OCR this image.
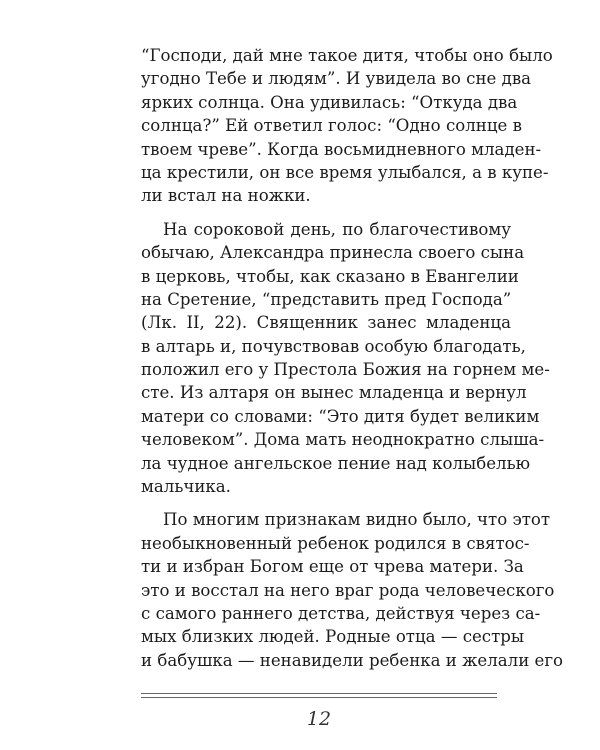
“Господи, дай мне такое дитя, чтобы оно было
угодно Тебе и людям”. И увидела во сне два
ярких солнца. Она удивилась: “Откуда два
солнца?” Ей ответил голос: “Одно солнце в
твоем чреве”. Когда восьмидневного младен-
ца крестили, он все время улыбался, а в купе-
ли встал на ножки.
На сороковой день, по благочестивому
обычаю, Александра принесла своего сына
в церковь, чтобы, как сказано в Евангелии
на Сретение, “представить пред Господа”
(Лк. II, 22). Священник занес младенца
в алтарь и, почувствовав особую благодать,
положил его у Престола Божия на горнем ме-
сте. Из алтаря он вынес младенца и вернул
матери со словами: “Это дитя будет великим
человеком”. Дома мать неоднократно слыша-
ла чудное ангельское пение над колыбелью
мальчика.
По многим признакам видно было, что этот
необыкновенный ребенок родился в святос-
ти и избран Богом еще от чрева матери. За
это и восстал на него враг рода человеческого
с самого раннего детства, действуя через са-
мых близких людей. Родные отца — сестры
и бабушка — ненавидели ребенка и желали его
12
